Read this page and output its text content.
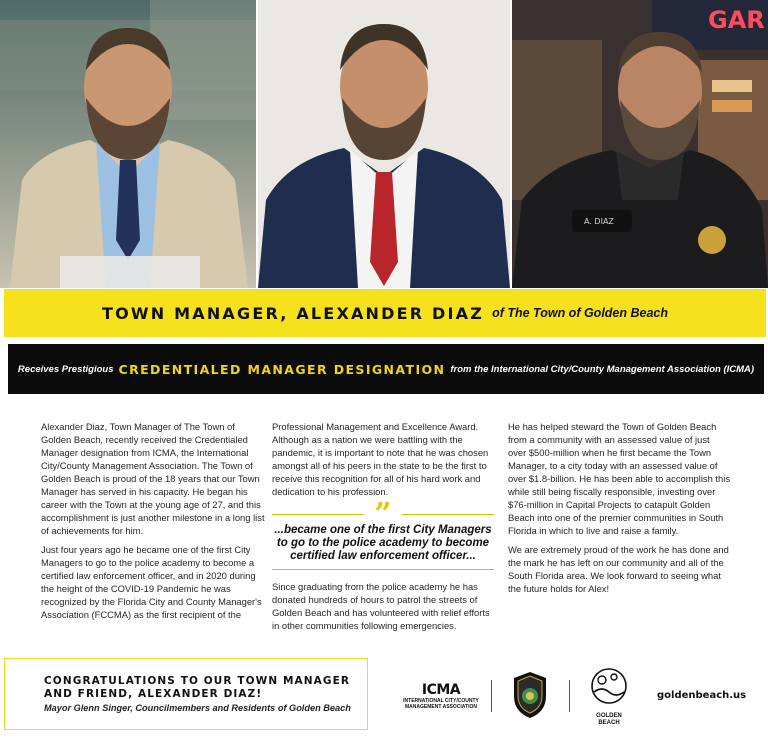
GAR
A. DIAZ
TOWN MANAGER, ALEXANDER DIAZ of The Town of Golden Beach
Receives Prestigious CREDENTIALED MANAGER DESIGNATION from the International City/County Management Association (ICMA)

Alexander Diaz, Town Manager of The Town of Golden Beach, recently received the Credentialed Manager designation from ICMA, the International City/County Management Association. The Town of Golden Beach is proud of the 18 years that our Town Manager has served in his capacity. He began his career with the Town at the young age of 27, and this accomplishment is just another milestone in a long list of achievements for him.

Just four years ago he became one of the first City Managers to go to the police academy to become a certified law enforcement officer, and in 2020 during the height of the COVID-19 Pandemic he was recognized by the Florida City and County Manager's Association (FCCMA) as the first recipient of the

Professional Management and Excellence Award. Although as a nation we were battling with the pandemic, it is important to note that he was chosen amongst all of his peers in the state to be the first to receive this recognition for all of his hard work and dedication to his profession.

”
...became one of the first City Managers to go to the police academy to become certified law enforcement officer...

Since graduating from the police academy he has donated hundreds of hours to patrol the streets of Golden Beach and has volunteered with relief efforts in other communities following emergencies.

He has helped steward the Town of Golden Beach from a community with an assessed value of just over $500-million when he first became the Town Manager, to a city today with an assessed value of over $1.8-billion. He has been able to accomplish this while still being fiscally responsible, investing over $76-million in Capital Projects to catapult Golden Beach into one of the premier communities in South Florida in which to live and raise a family.

We are extremely proud of the work he has done and the mark he has left on our community and all of the South Florida area. We look forward to seeing what the future holds for Alex!

CONGRATULATIONS TO OUR TOWN MANAGER
AND FRIEND, ALEXANDER DIAZ!
Mayor Glenn Singer, Councilmembers and Residents of Golden Beach
ICMA
INTERNATIONAL CITY/COUNTY
MANAGEMENT ASSOCIATION
GOLDEN
BEACH
goldenbeach.us
